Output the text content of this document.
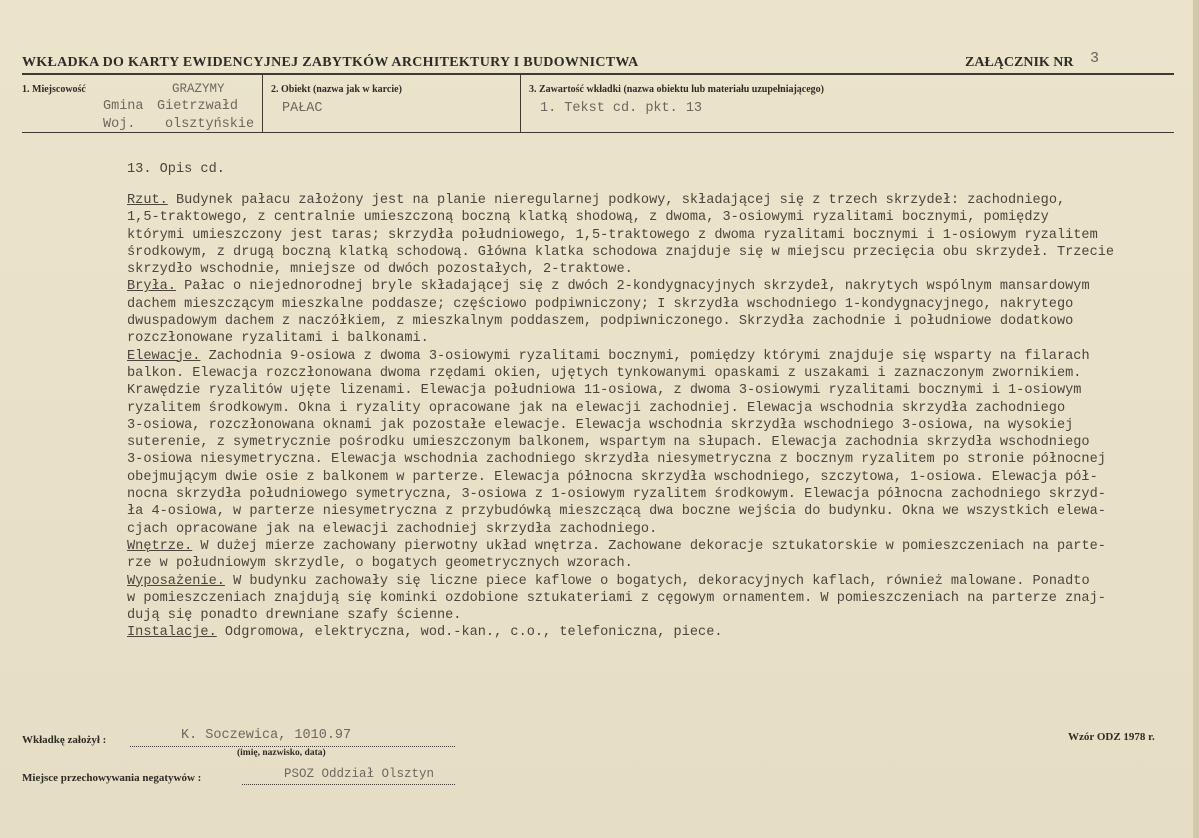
WKŁADKA DO KARTY EWIDENCYJNEJ ZABYTKÓW ARCHITEKTURY I BUDOWNICTWA	ZAŁĄCZNIK NR 3
1. Miejscowość	GRAZYMY
Gmina Gietrzwałd
Woj. olsztyńskie
2. Obiekt (nazwa jak w karcie)
PAŁAC
3. Zawartość wkładki (nazwa obiektu lub materiału uzupełniającego)
1. Tekst cd. pkt. 13
13. Opis cd.
Rzut. Budynek pałacu założony jest na planie nieregularnej podkowy, składającej się z trzech skrzydeł: zachodniego,
1,5-traktowego, z centralnie umieszczoną boczną klatką shodową, z dwoma, 3-osiowymi ryzalitami bocznymi, pomiędzy
którymi umieszczony jest taras; skrzydła południowego, 1,5-traktowego z dwoma ryzalitami bocznymi i 1-osiowym ryzalitem
środkowym, z drugą boczną klatką schodową. Główna klatka schodowa znajduje się w miejscu przecięcia obu skrzydeł. Trzecie
skrzydło wschodnie, mniejsze od dwóch pozostałych, 2-traktowe.
Bryła. Pałac o niejednorodnej bryle składającej się z dwóch 2-kondygnacyjnych skrzydeł, nakrytych wspólnym mansardowym
dachem mieszczącym mieszkalne poddasze; częściowo podpiwniczony; I skrzydła wschodniego 1-kondygnacyjnego, nakrytego
dwuspadowym dachem z naczółkiem, z mieszkalnym poddaszem, podpiwniczonego. Skrzydła zachodnie i południowe dodatkowo
rozczłonowane ryzalitami i balkonami.
Elewacje. Zachodnia 9-osiowa z dwoma 3-osiowymi ryzalitami bocznymi, pomiędzy którymi znajduje się wsparty na filarach
balkon. Elewacja rozczłonowana dwoma rzędami okien, ujętych tynkowanymi opaskami z uszakami i zaznaczonym zwornikiem.
Krawędzie ryzalitów ujęte lizenami. Elewacja południowa 11-osiowa, z dwoma 3-osiowymi ryzalitami bocznymi i 1-osiowym
ryzalitem środkowym. Okna i ryzality opracowane jak na elewacji zachodniej. Elewacja wschodnia skrzydła zachodniego
3-osiowa, rozczłonowana oknami jak pozostałe elewacje. Elewacja wschodnia skrzydła wschodniego 3-osiowa, na wysokiej
suterenie, z symetrycznie pośrodku umieszczonym balkonem, wspartym na słupach. Elewacja zachodnia skrzydła wschodniego
3-osiowa niesymetryczna. Elewacja wschodnia zachodniego skrzydła niesymetryczna z bocznym ryzalitem po stronie północnej
obejmującym dwie osie z balkonem w parterze. Elewacja północna skrzydła wschodniego, szczytowa, 1-osiowa. Elewacja pół-
nocna skrzydła południowego symetryczna, 3-osiowa z 1-osiowym ryzalitem środkowym. Elewacja północna zachodniego skrzyd-
ła 4-osiowa, w parterze niesymetryczna z przybudówką mieszczącą dwa boczne wejścia do budynku. Okna we wszystkich elewa-
cjach opracowane jak na elewacji zachodniej skrzydła zachodniego.
Wnętrze. W dużej mierze zachowany pierwotny układ wnętrza. Zachowane dekoracje sztukatorskie w pomieszczeniach na parte-
rze w południowym skrzydle, o bogatych geometrycznych wzorach.
Wyposażenie. W budynku zachowały się liczne piece kaflowe o bogatych, dekoracyjnych kaflach, również malowane. Ponadto
w pomieszczeniach znajdują się kominki ozdobione sztukateriami z cęgowym ornamentem. W pomieszczeniach na parterze znaj-
dują się ponadto drewniane szafy ścienne.
Instalacje. Odgromowa, elektryczna, wod.-kan., c.o., telefoniczna, piece.
Wkładkę założył :	K. Soczewica, 1010.97
(imię, nazwisko, data)
Wzór ODZ 1978 r.
Miejsce przechowywania negatywów :	PSOZ Oddział Olsztyn
